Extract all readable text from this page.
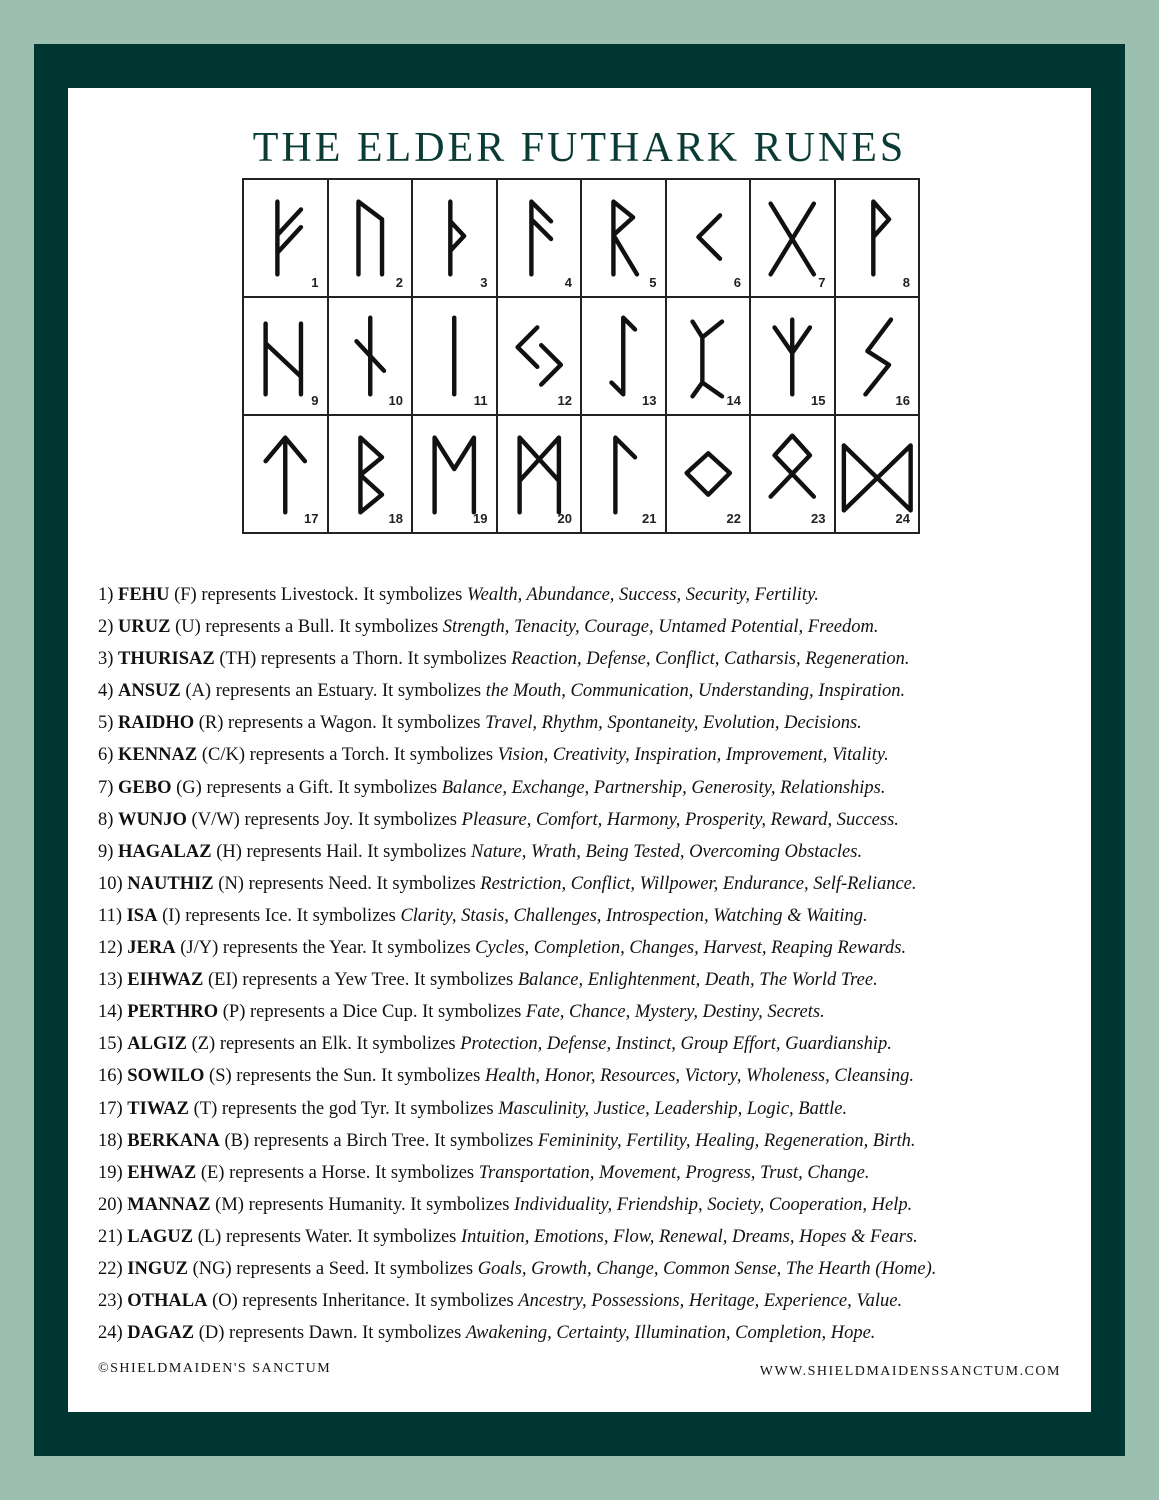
THE ELDER FUTHARK RUNES
1	2	3	4	5	6	7	8
9	10	11	12	13	14	15	16
17	18	19	20	21	22	23	24
1) FEHU (F) represents Livestock. It symbolizes Wealth, Abundance, Success, Security, Fertility.
2) URUZ (U) represents a Bull. It symbolizes Strength, Tenacity, Courage, Untamed Potential, Freedom.
3) THURISAZ (TH) represents a Thorn. It symbolizes Reaction, Defense, Conflict, Catharsis, Regeneration.
4) ANSUZ (A) represents an Estuary. It symbolizes the Mouth, Communication, Understanding, Inspiration.
5) RAIDHO (R) represents a Wagon. It symbolizes Travel, Rhythm, Spontaneity, Evolution, Decisions.
6) KENNAZ (C/K) represents a Torch. It symbolizes Vision, Creativity, Inspiration, Improvement, Vitality.
7) GEBO (G) represents a Gift. It symbolizes Balance, Exchange, Partnership, Generosity, Relationships.
8) WUNJO (V/W) represents Joy. It symbolizes Pleasure, Comfort, Harmony, Prosperity, Reward, Success.
9) HAGALAZ (H) represents Hail. It symbolizes Nature, Wrath, Being Tested, Overcoming Obstacles.
10) NAUTHIZ (N) represents Need. It symbolizes Restriction, Conflict, Willpower, Endurance, Self-Reliance.
11) ISA (I) represents Ice. It symbolizes Clarity, Stasis, Challenges, Introspection, Watching & Waiting.
12) JERA (J/Y) represents the Year. It symbolizes Cycles, Completion, Changes, Harvest, Reaping Rewards.
13) EIHWAZ (EI) represents a Yew Tree. It symbolizes Balance, Enlightenment, Death, The World Tree.
14) PERTHRO (P) represents a Dice Cup. It symbolizes Fate, Chance, Mystery, Destiny, Secrets.
15) ALGIZ (Z) represents an Elk. It symbolizes Protection, Defense, Instinct, Group Effort, Guardianship.
16) SOWILO (S) represents the Sun. It symbolizes Health, Honor, Resources, Victory, Wholeness, Cleansing.
17) TIWAZ (T) represents the god Tyr. It symbolizes Masculinity, Justice, Leadership, Logic, Battle.
18) BERKANA (B) represents a Birch Tree. It symbolizes Femininity, Fertility, Healing, Regeneration, Birth.
19) EHWAZ (E) represents a Horse. It symbolizes Transportation, Movement, Progress, Trust, Change.
20) MANNAZ (M) represents Humanity. It symbolizes Individuality, Friendship, Society, Cooperation, Help.
21) LAGUZ (L) represents Water. It symbolizes Intuition, Emotions, Flow, Renewal, Dreams, Hopes & Fears.
22) INGUZ (NG) represents a Seed. It symbolizes Goals, Growth, Change, Common Sense, The Hearth (Home).
23) OTHALA (O) represents Inheritance. It symbolizes Ancestry, Possessions, Heritage, Experience, Value.
24) DAGAZ (D) represents Dawn. It symbolizes Awakening, Certainty, Illumination, Completion, Hope.
©SHIELDMAIDEN'S SANCTUM	WWW.SHIELDMAIDENSSANCTUM.COM
